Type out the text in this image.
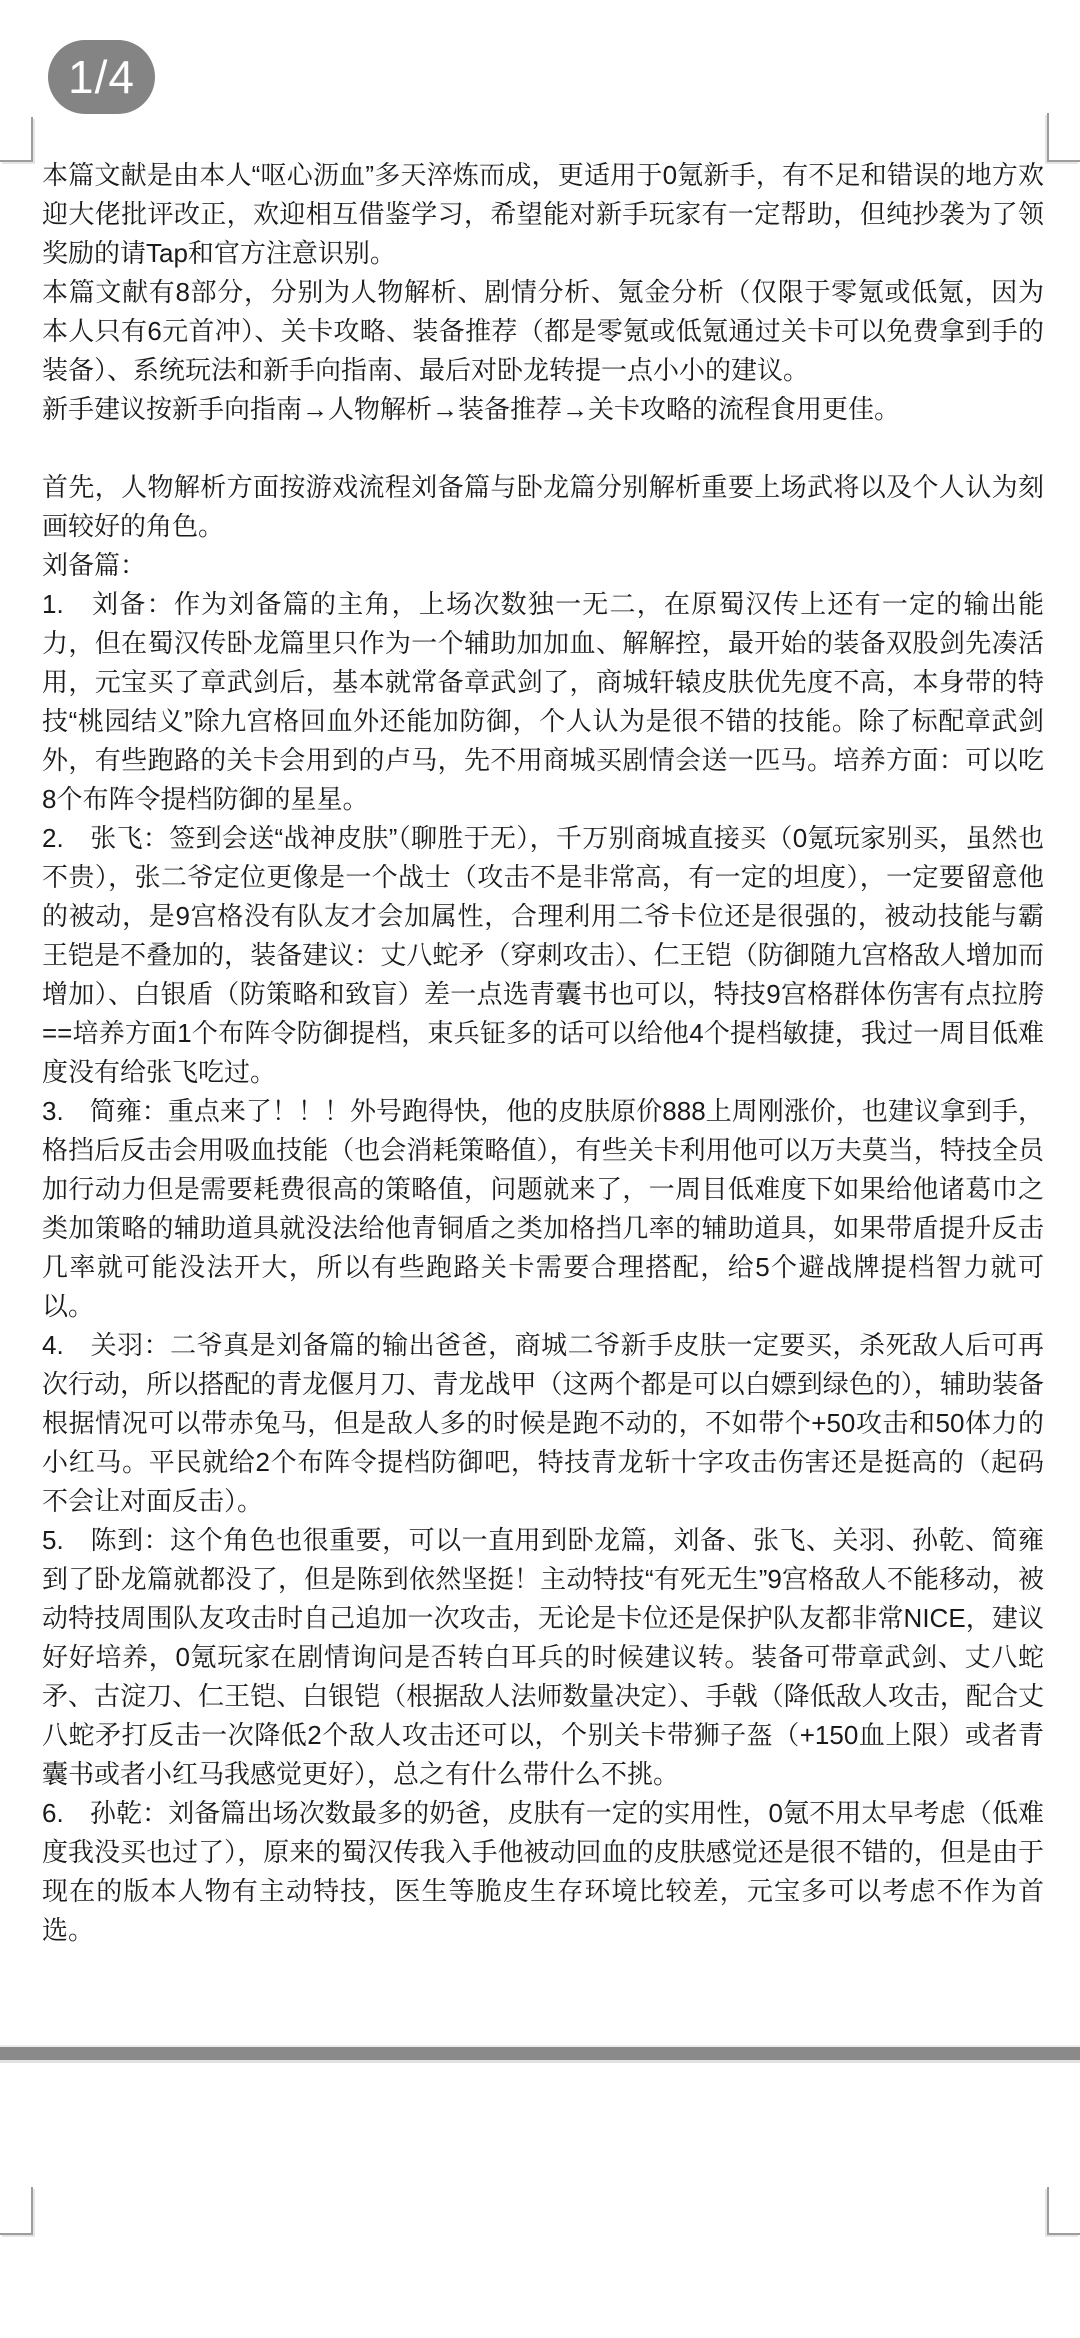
1/4

本篇文献是由本人“呕心沥血”多天淬炼而成，更适用于0氪新手，有不足和错误的地方欢迎大佬批评改正，欢迎相互借鉴学习，希望能对新手玩家有一定帮助，但纯抄袭为了领奖励的请Tap和官方注意识别。

本篇文献有8部分，分别为人物解析、剧情分析、氪金分析（仅限于零氪或低氪，因为本人只有6元首冲）、关卡攻略、装备推荐（都是零氪或低氪通过关卡可以免费拿到手的装备）、系统玩法和新手向指南、最后对卧龙转提一点小小的建议。

新手建议按新手向指南→人物解析→装备推荐→关卡攻略的流程食用更佳。

首先，人物解析方面按游戏流程刘备篇与卧龙篇分别解析重要上场武将以及个人认为刻画较好的角色。

刘备篇：

1.　刘备：作为刘备篇的主角，上场次数独一无二，在原蜀汉传上还有一定的输出能力，但在蜀汉传卧龙篇里只作为一个辅助加加血、解解控，最开始的装备双股剑先凑活用，元宝买了章武剑后，基本就常备章武剑了，商城轩辕皮肤优先度不高，本身带的特技“桃园结义”除九宫格回血外还能加防御，个人认为是很不错的技能。除了标配章武剑外，有些跑路的关卡会用到的卢马，先不用商城买剧情会送一匹马。培养方面：可以吃8个布阵令提档防御的星星。

2.　张飞：签到会送“战神皮肤”（聊胜于无），千万别商城直接买（0氪玩家别买，虽然也不贵），张二爷定位更像是一个战士（攻击不是非常高，有一定的坦度），一定要留意他的被动，是9宫格没有队友才会加属性，合理利用二爷卡位还是很强的，被动技能与霸王铠是不叠加的，装备建议：丈八蛇矛（穿刺攻击）、仁王铠（防御随九宫格敌人增加而增加）、白银盾（防策略和致盲）差一点选青囊书也可以，特技9宫格群体伤害有点拉胯==培养方面1个布阵令防御提档，束兵钲多的话可以给他4个提档敏捷，我过一周目低难度没有给张飞吃过。

3.　简雍：重点来了！！！外号跑得快，他的皮肤原价888上周刚涨价，也建议拿到手，格挡后反击会用吸血技能（也会消耗策略值），有些关卡利用他可以万夫莫当，特技全员加行动力但是需要耗费很高的策略值，问题就来了，一周目低难度下如果给他诸葛巾之类加策略的辅助道具就没法给他青铜盾之类加格挡几率的辅助道具，如果带盾提升反击几率就可能没法开大，所以有些跑路关卡需要合理搭配，给5个避战牌提档智力就可以。

4.　关羽：二爷真是刘备篇的输出爸爸，商城二爷新手皮肤一定要买，杀死敌人后可再次行动，所以搭配的青龙偃月刀、青龙战甲（这两个都是可以白嫖到绿色的），辅助装备根据情况可以带赤兔马，但是敌人多的时候是跑不动的，不如带个+50攻击和50体力的小红马。平民就给2个布阵令提档防御吧，特技青龙斩十字攻击伤害还是挺高的（起码不会让对面反击）。

5.　陈到：这个角色也很重要，可以一直用到卧龙篇，刘备、张飞、关羽、孙乾、简雍到了卧龙篇就都没了，但是陈到依然坚挺！主动特技“有死无生”9宫格敌人不能移动，被动特技周围队友攻击时自己追加一次攻击，无论是卡位还是保护队友都非常NICE，建议好好培养，0氪玩家在剧情询问是否转白耳兵的时候建议转。装备可带章武剑、丈八蛇矛、古淀刀、仁王铠、白银铠（根据敌人法师数量决定）、手戟（降低敌人攻击，配合丈八蛇矛打反击一次降低2个敌人攻击还可以，个别关卡带狮子盔（+150血上限）或者青囊书或者小红马我感觉更好），总之有什么带什么不挑。

6.　孙乾：刘备篇出场次数最多的奶爸，皮肤有一定的实用性，0氪不用太早考虑（低难度我没买也过了），原来的蜀汉传我入手他被动回血的皮肤感觉还是很不错的，但是由于现在的版本人物有主动特技，医生等脆皮生存环境比较差，元宝多可以考虑不作为首选。
